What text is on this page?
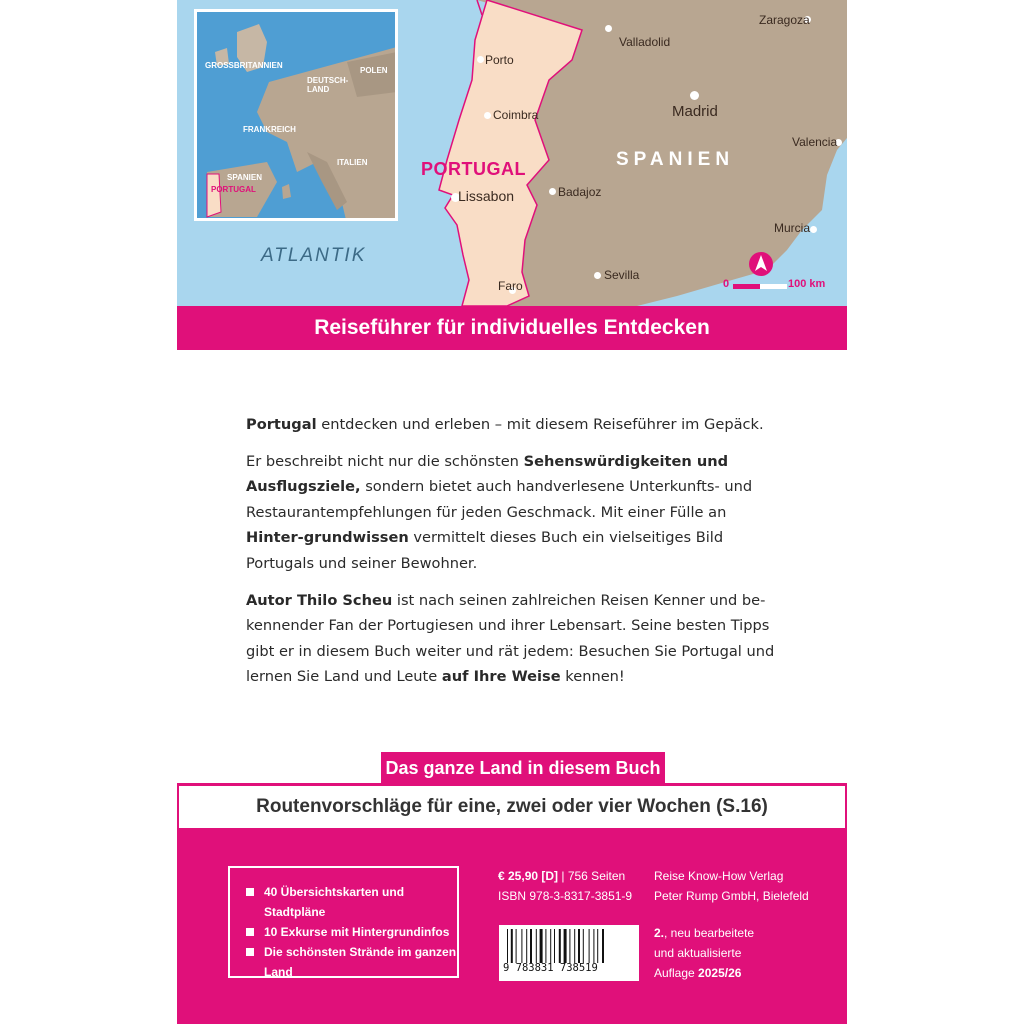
GROSSBRITANNIEN
POLEN
DEUTSCH-
LAND
FRANKREICH
ITALIEN
SPANIEN
PORTUGAL
ATLANTIK
PORTUGAL	SPANIEN
Porto
Coimbra
Lissabon
Faro
Valladolid
Madrid
Zaragoza
Valencia
Badajoz
Sevilla
Murcia
0	100 km
Reiseführer für individuelles Entdecken

Portugal entdecken und erleben – mit diesem Reiseführer im Gepäck.

Er beschreibt nicht nur die schönsten Sehenswürdigkeiten und Ausflugsziele, sondern bietet auch handverlesene Unterkunfts- und Restaurantempfehlungen für jeden Geschmack. Mit einer Fülle an Hinter-grundwissen vermittelt dieses Buch ein vielseitiges Bild Portugals und seiner Bewohner.

Autor Thilo Scheu ist nach seinen zahlreichen Reisen Kenner und be-kennender Fan der Portugiesen und ihrer Lebensart. Seine besten Tipps gibt er in diesem Buch weiter und rät jedem: Besuchen Sie Portugal und lernen Sie Land und Leute auf Ihre Weise kennen!

Das ganze Land in diesem Buch
Routenvorschläge für eine, zwei oder vier Wochen (S.16)
40 Übersichtskarten und Stadtpläne
10 Exkurse mit Hintergrundinfos
Die schönsten Strände im ganzen Land
€ 25,90 [D] | 756 Seiten
ISBN 978-3-8317-3851-9
Reise Know-How Verlag
Peter Rump GmbH, Bielefeld
2., neu bearbeitete
und aktualisierte
Auflage 2025/26
9 783831 738519
